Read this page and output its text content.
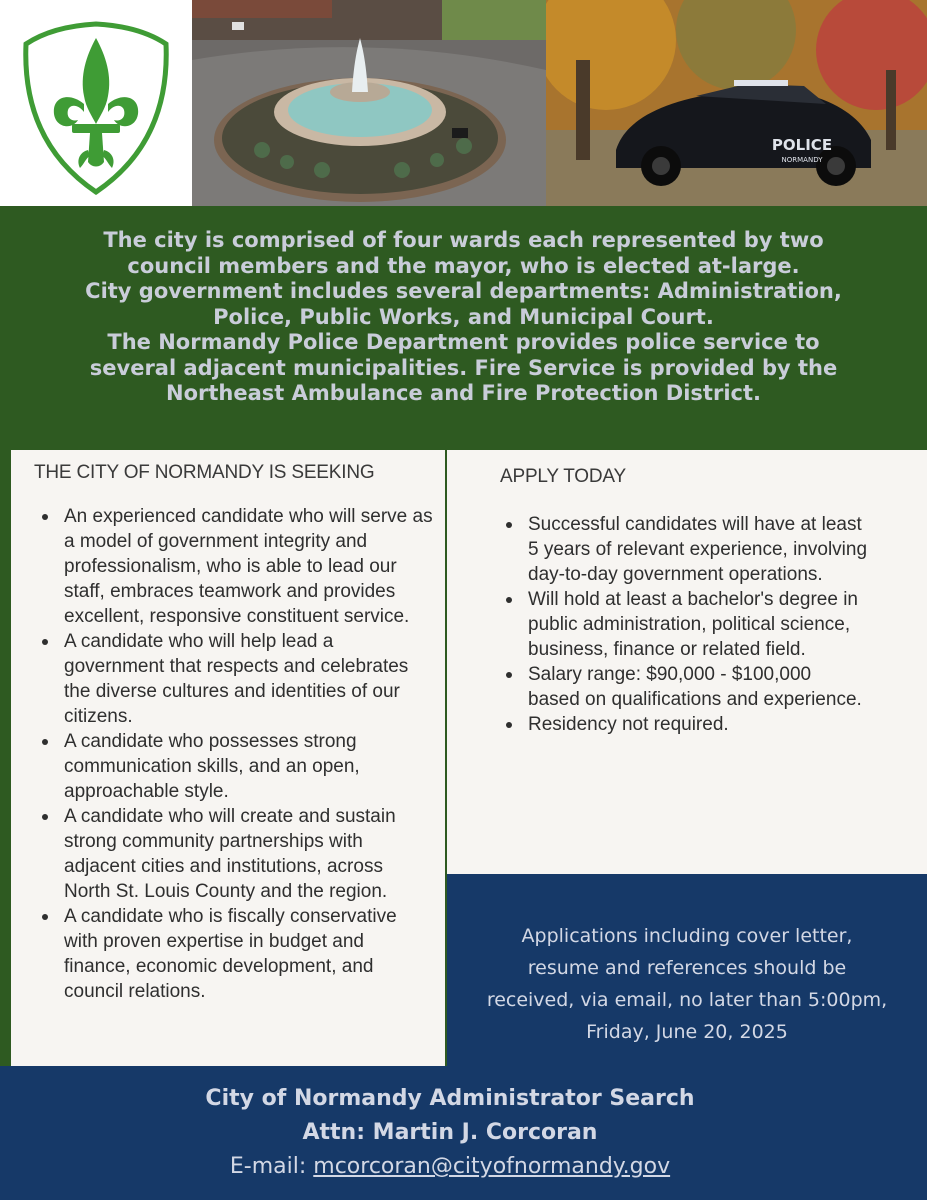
POLICE
NORMANDY

The city is comprised of four wards each represented by two
council members and the mayor, who is elected at-large.
City government includes several departments: Administration,
Police, Public Works, and Municipal Court.
The Normandy Police Department provides police service to
several adjacent municipalities. Fire Service is provided by the
Northeast Ambulance and Fire Protection District.

THE CITY OF NORMANDY IS SEEKING
An experienced candidate who will serve as a model of government integrity and professionalism, who is able to lead our staff, embraces teamwork and provides excellent, responsive constituent service.
A candidate who will help lead a government that respects and celebrates the diverse cultures and identities of our citizens.
A candidate who possesses strong communication skills, and an open, approachable style.
A candidate who will create and sustain strong community partnerships with adjacent cities and institutions, across North St. Louis County and the region.
A candidate who is fiscally conservative with proven expertise in budget and finance, economic development, and council relations.
APPLY TODAY
Successful candidates will have at least 5 years of relevant experience, involving day-to-day government operations.
Will hold at least a bachelor's degree in public administration, political science, business, finance or related field.
Salary range: $90,000 - $100,000 based on qualifications and experience.
Residency not required.

Applications including cover letter,
resume and references should be
received, via email, no later than 5:00pm,
Friday, June 20, 2025

City of Normandy Administrator Search

Attn: Martin J. Corcoran

E-mail: mcorcoran@cityofnormandy.gov
